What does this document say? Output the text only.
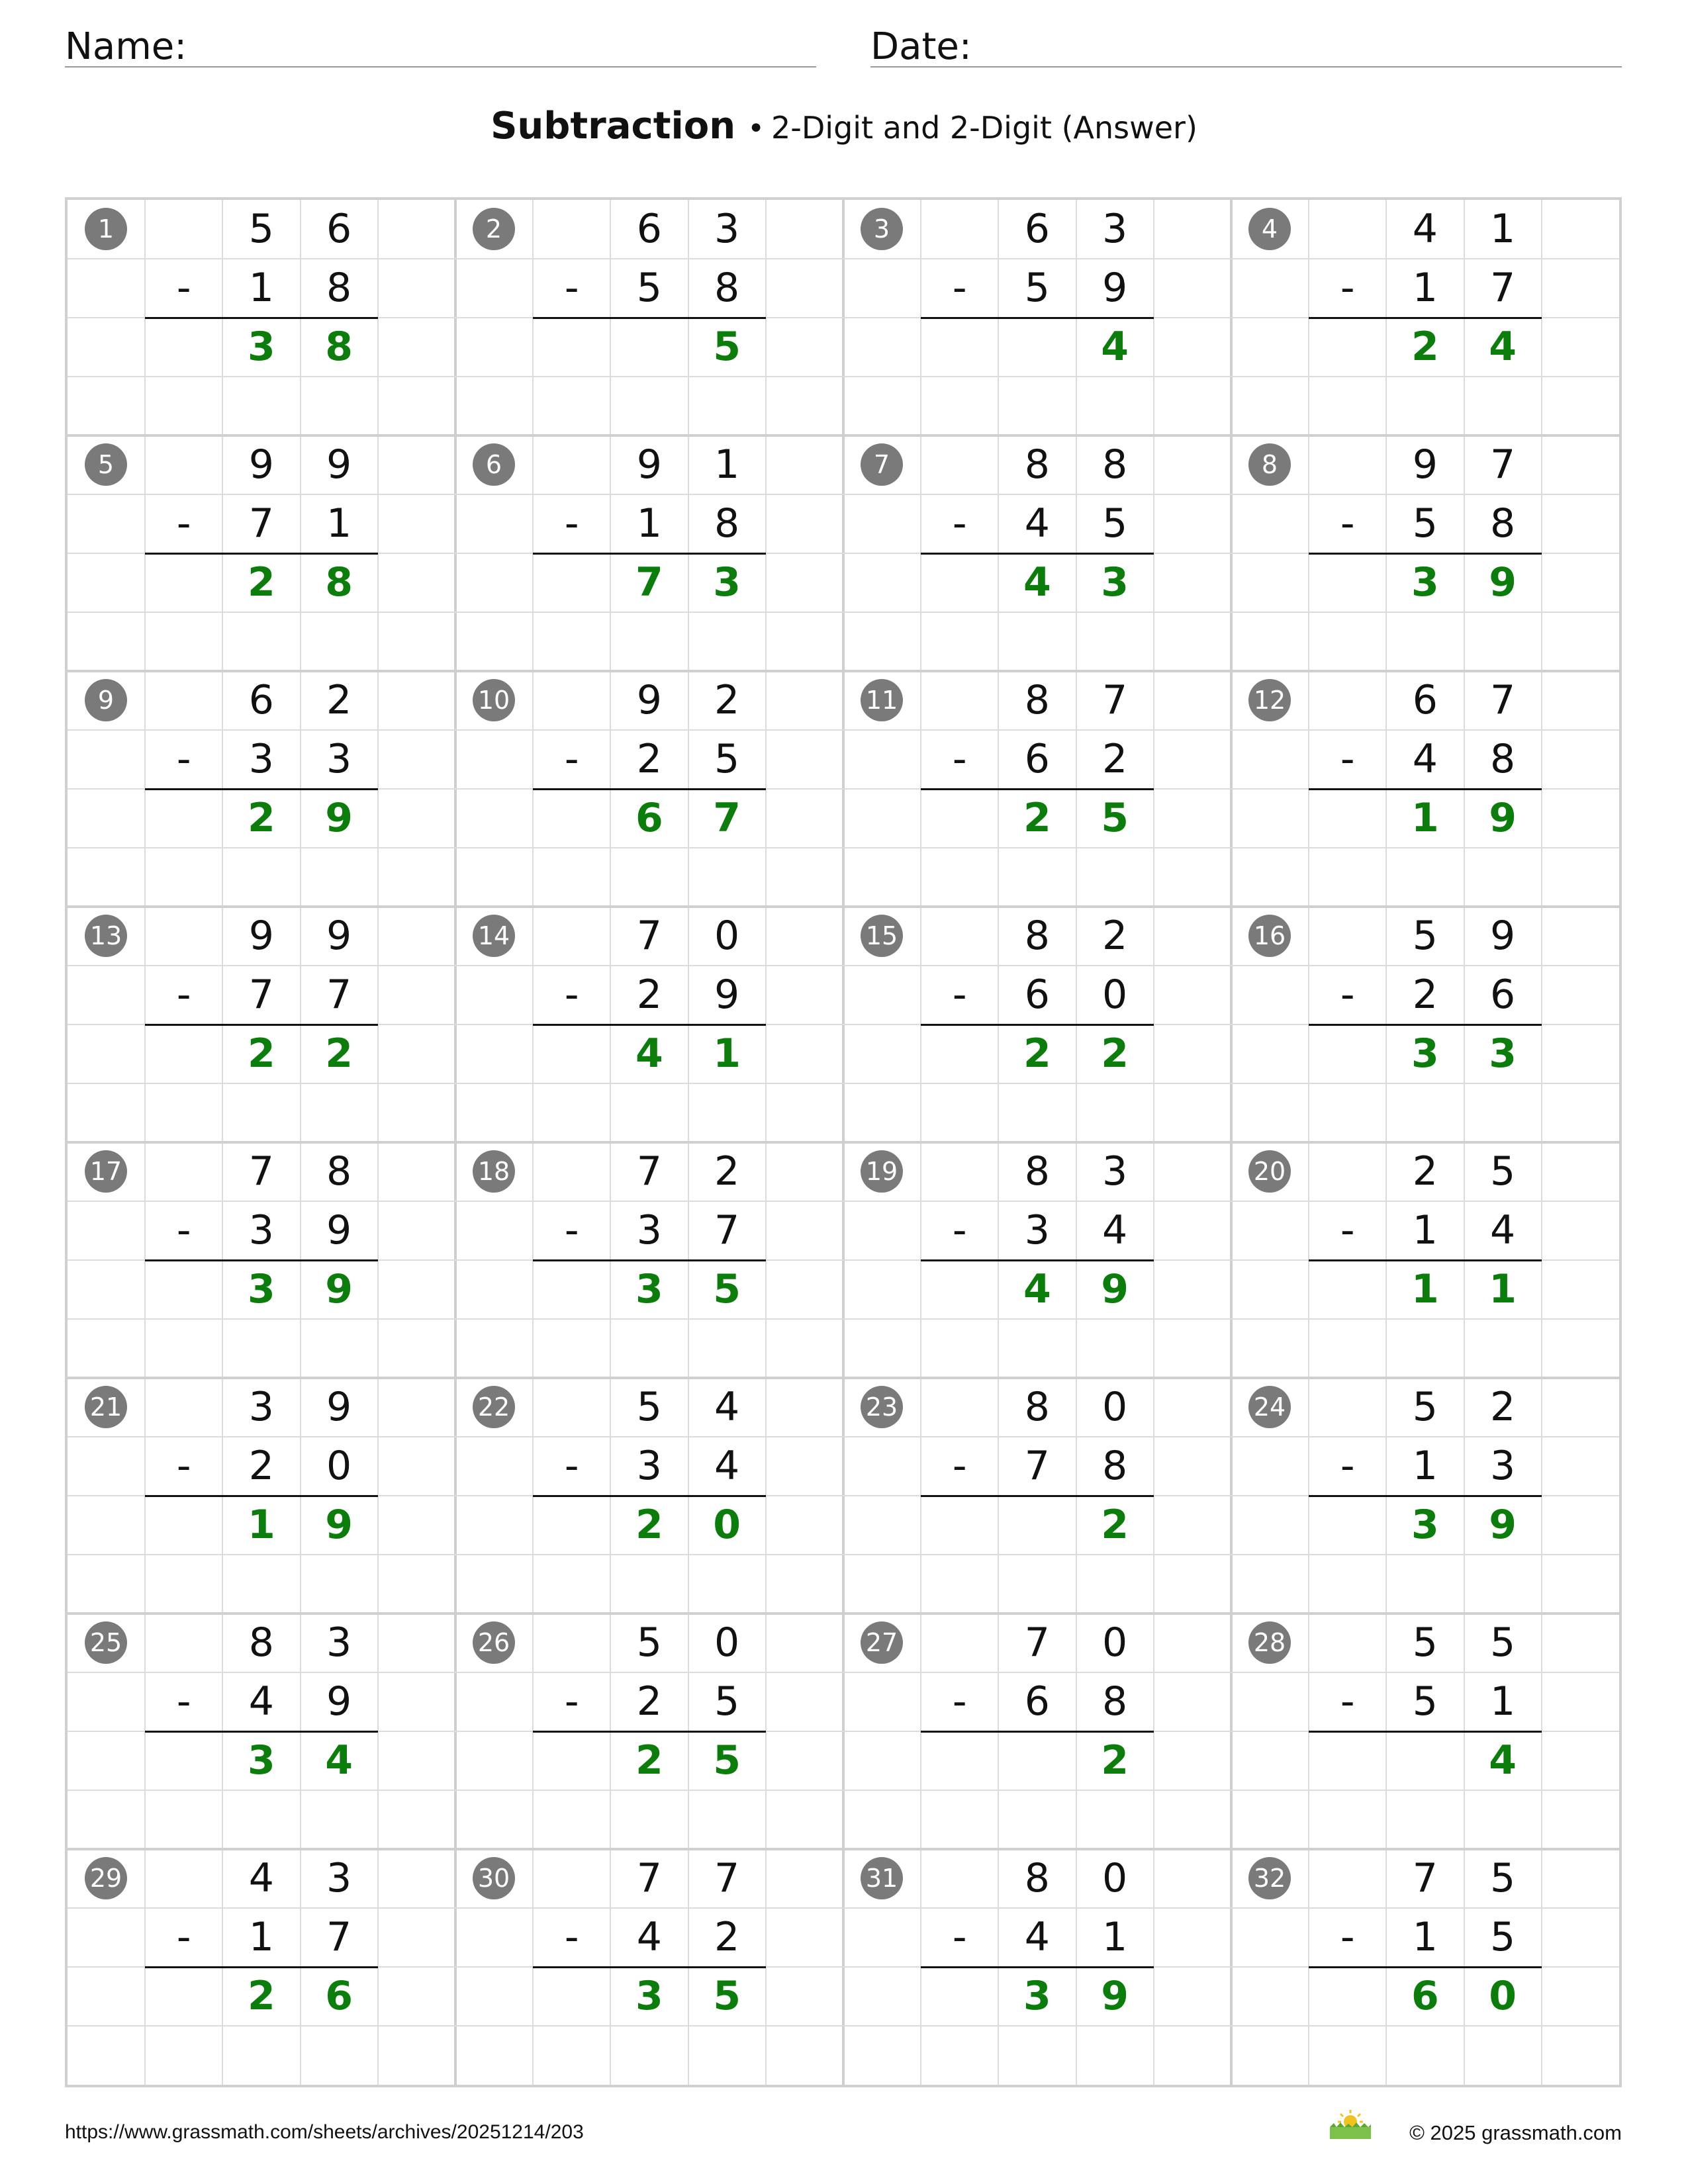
Name:	Date:
Subtraction • 2-Digit and 2-Digit (Answer)
1	5	6
-	1	8
3	8
2	6	3
-	5	8
5
3	6	3
-	5	9
4
4	4	1
-	1	7
2	4
5	9	9
-	7	1
2	8
6	9	1
-	1	8
7	3
7	8	8
-	4	5
4	3
8	9	7
-	5	8
3	9
9	6	2
-	3	3
2	9
10	9	2
-	2	5
6	7
11	8	7
-	6	2
2	5
12	6	7
-	4	8
1	9
13	9	9
-	7	7
2	2
14	7	0
-	2	9
4	1
15	8	2
-	6	0
2	2
16	5	9
-	2	6
3	3
17	7	8
-	3	9
3	9
18	7	2
-	3	7
3	5
19	8	3
-	3	4
4	9
20	2	5
-	1	4
1	1
21	3	9
-	2	0
1	9
22	5	4
-	3	4
2	0
23	8	0
-	7	8
2
24	5	2
-	1	3
3	9
25	8	3
-	4	9
3	4
26	5	0
-	2	5
2	5
27	7	0
-	6	8
2
28	5	5
-	5	1
4
29	4	3
-	1	7
2	6
30	7	7
-	4	2
3	5
31	8	0
-	4	1
3	9
32	7	5
-	1	5
6	0
https://www.grassmath.com/sheets/archives/20251214/203	© 2025 grassmath.com
